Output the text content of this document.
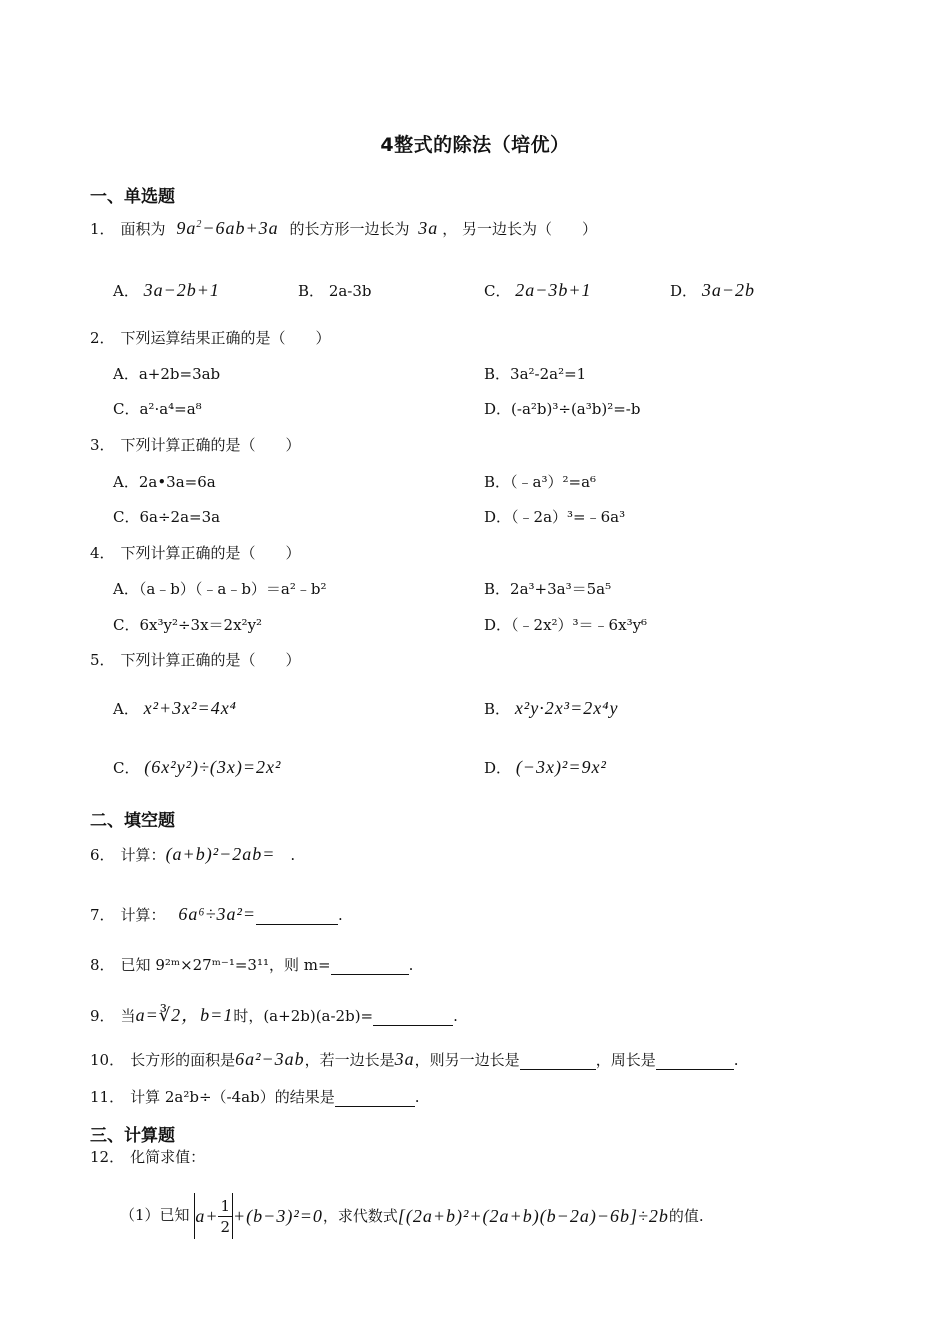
4整式的除法（培优）
一、单选题
1． 面积为 $9a^2-6ab+3a$ 的长方形一边长为 3a ， 另一边长为（　　）
A． 3a−2b+1	B． 2a-3b	C． 2a−3b+1	D． 3a−2b
2． 下列运算结果正确的是（　　）
A．a+2b=3ab	B．3a²-2a²=1
C．a²·a⁴=a⁸	D．(-a²b)³÷(a³b)²=-b
3． 下列计算正确的是（　　）
A．2a•3a=6a	B．（﹣a³）²=a⁶
C．6a÷2a=3a	D．（﹣2a）³=﹣6a³
4． 下列计算正确的是（　　）
A．（a﹣b）（﹣a﹣b）＝a²﹣b²	B．2a³+3a³＝5a⁵
C．6x³y²÷3x＝2x²y²	D．（﹣2x²）³＝﹣6x³y⁶
5． 下列计算正确的是（　　）
A． x²+3x²=4x⁴	B． x²y·2x³=2x⁴y
C． (6x²y²)÷(3x)=2x²	D． (−3x)²=9x²
二、填空题
6． 计算：(a+b)²−2ab=　.
7． 计算： 6a⁶÷3a²=	.
8． 已知 9²ᵐ×27ᵐ⁻¹=3¹¹，则 m=	.
9． 当a=∛2，b=1时，(a+2b)(a-2b)=	.
10． 长方形的面积是6a²−3ab，若一边长是3a，则另一边长是	，周长是	.
11． 计算 2a²b÷（-4ab）的结果是	.
三、计算题
12． 化简求值：
（1）已知 $a+ \frac{1}{2} +(b-3)^2=0$，求代数式[(2a+b)²+(2a+b)(b−2a)−6b]÷2b的值.
